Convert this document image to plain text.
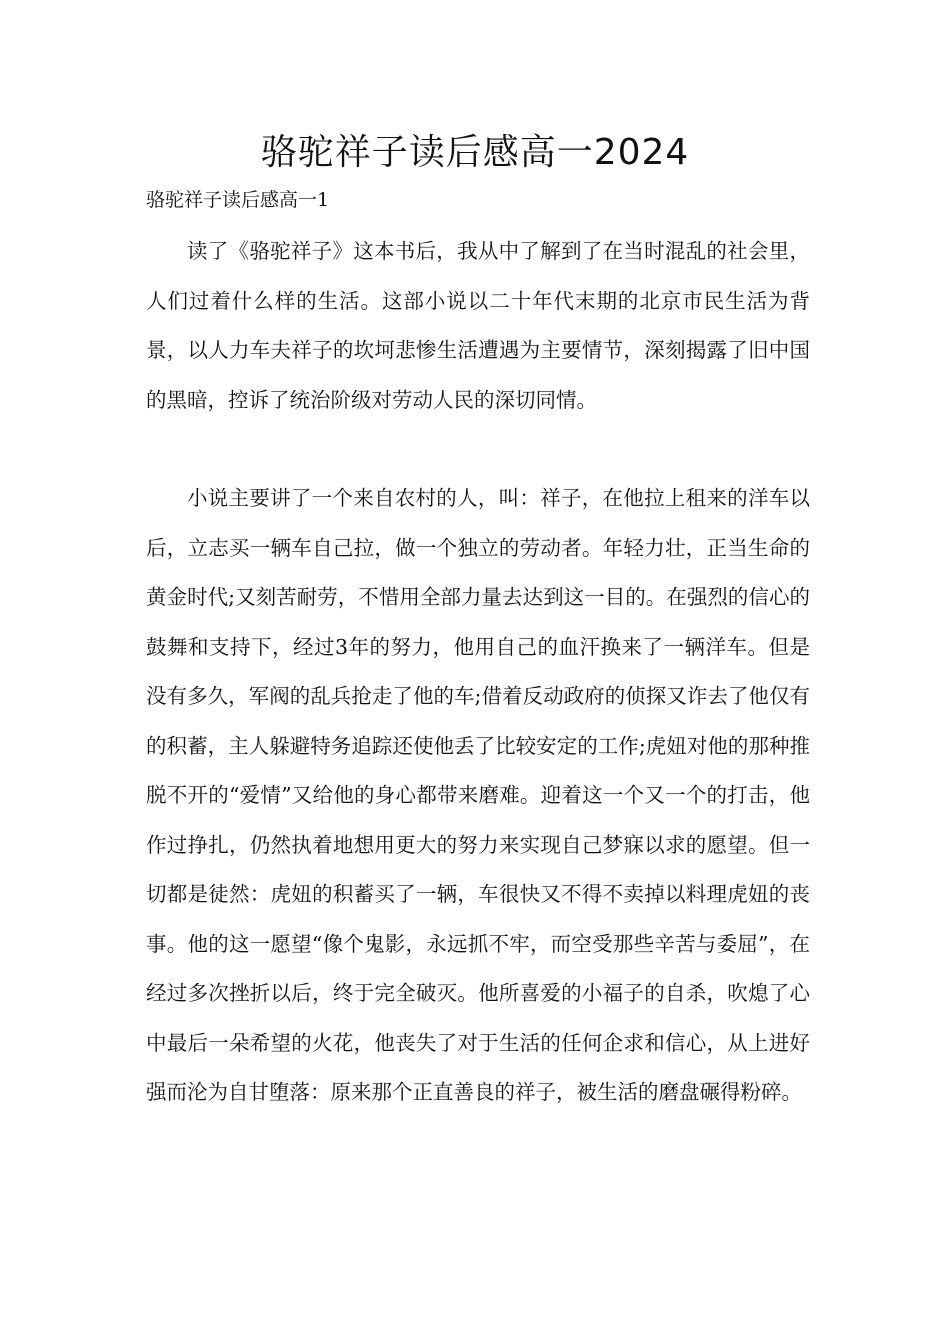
骆驼祥子读后感高一2024
骆驼祥子读后感高一1

读了《骆驼祥子》这本书后，我从中了解到了在当时混乱的社会里，人们过着什么样的生活。这部小说以二十年代末期的北京市民生活为背景，以人力车夫祥子的坎坷悲惨生活遭遇为主要情节，深刻揭露了旧中国的黑暗，控诉了统治阶级对劳动人民的深切同情。

小说主要讲了一个来自农村的人，叫：祥子，在他拉上租来的洋车以后，立志买一辆车自己拉，做一个独立的劳动者。年轻力壮，正当生命的黄金时代;又刻苦耐劳，不惜用全部力量去达到这一目的。在强烈的信心的鼓舞和支持下，经过3年的努力，他用自己的血汗换来了一辆洋车。但是没有多久，军阀的乱兵抢走了他的车;借着反动政府的侦探又诈去了他仅有的积蓄，主人躲避特务追踪还使他丢了比较安定的工作;虎妞对他的那种推脱不开的“爱情”又给他的身心都带来磨难。迎着这一个又一个的打击，他作过挣扎，仍然执着地想用更大的努力来实现自己梦寐以求的愿望。但一切都是徒然：虎妞的积蓄买了一辆，车很快又不得不卖掉以料理虎妞的丧事。他的这一愿望“像个鬼影，永远抓不牢，而空受那些辛苦与委屈”，在经过多次挫折以后，终于完全破灭。他所喜爱的小福子的自杀，吹熄了心中最后一朵希望的火花，他丧失了对于生活的任何企求和信心，从上进好强而沦为自甘堕落：原来那个正直善良的祥子，被生活的磨盘碾得粉碎。
